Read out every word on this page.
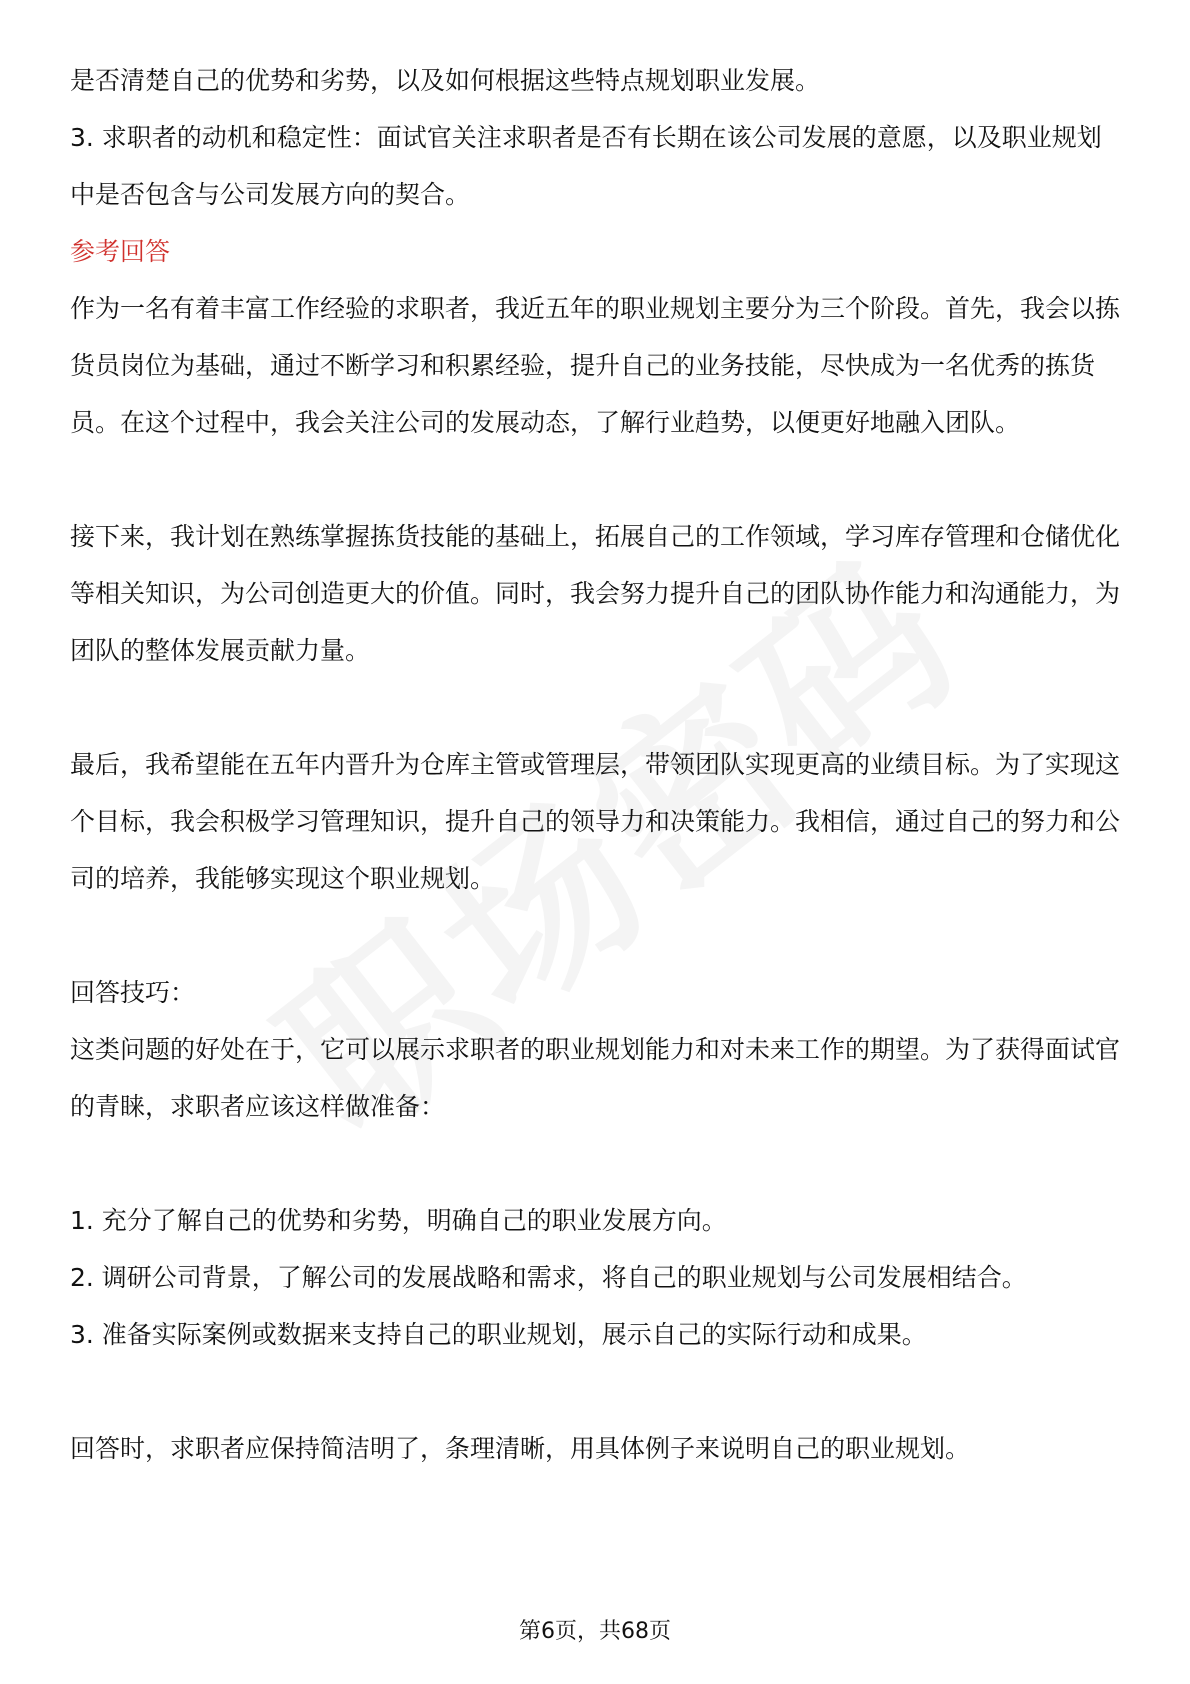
是否清楚自己的优势和劣势，以及如何根据这些特点规划职业发展。

3. 求职者的动机和稳定性：面试官关注求职者是否有长期在该公司发展的意愿，以及职业规划中是否包含与公司发展方向的契合。

参考回答

作为一名有着丰富工作经验的求职者，我近五年的职业规划主要分为三个阶段。首先，我会以拣货员岗位为基础，通过不断学习和积累经验，提升自己的业务技能，尽快成为一名优秀的拣货员。在这个过程中，我会关注公司的发展动态，了解行业趋势，以便更好地融入团队。

接下来，我计划在熟练掌握拣货技能的基础上，拓展自己的工作领域，学习库存管理和仓储优化等相关知识，为公司创造更大的价值。同时，我会努力提升自己的团队协作能力和沟通能力，为团队的整体发展贡献力量。

最后，我希望能在五年内晋升为仓库主管或管理层，带领团队实现更高的业绩目标。为了实现这个目标，我会积极学习管理知识，提升自己的领导力和决策能力。我相信，通过自己的努力和公司的培养，我能够实现这个职业规划。

回答技巧：

这类问题的好处在于，它可以展示求职者的职业规划能力和对未来工作的期望。为了获得面试官的青睐，求职者应该这样做准备：

1. 充分了解自己的优势和劣势，明确自己的职业发展方向。

2. 调研公司背景，了解公司的发展战略和需求，将自己的职业规划与公司发展相结合。

3. 准备实际案例或数据来支持自己的职业规划，展示自己的实际行动和成果。

回答时，求职者应保持简洁明了，条理清晰，用具体例子来说明自己的职业规划。

第6页，共68页
